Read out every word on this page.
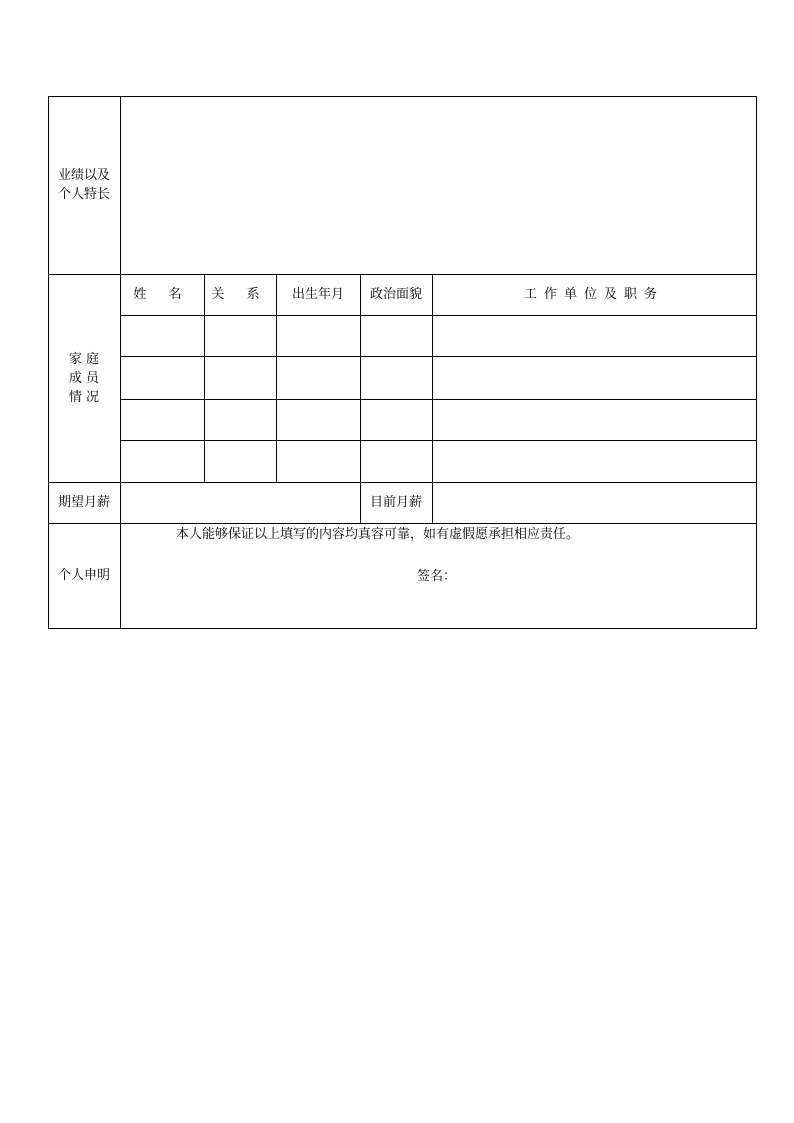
业绩以及
个人特长
家 庭
成 员
情 况
姓 名	关 系	出生年月	政治面貌	工作单位及职务
期望月薪	目前月薪
个人申明
本人能够保证以上填写的内容均真容可靠，如有虚假愿承担相应责任。
签名：
